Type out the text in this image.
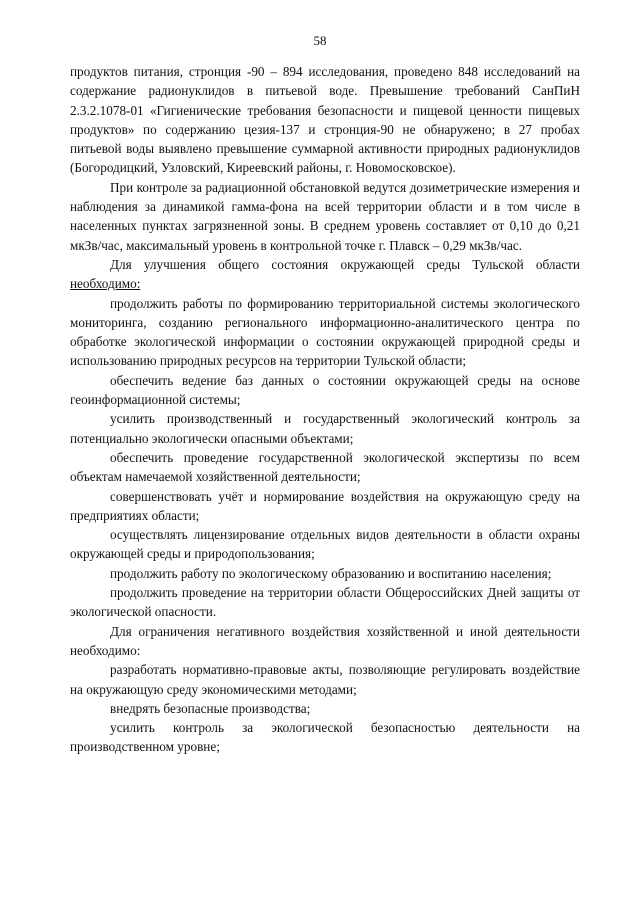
58

продуктов питания, стронция -90 – 894 исследования, проведено 848 исследований на содержание радионуклидов в питьевой воде. Превышение требований СанПиН 2.3.2.1078-01 «Гигиенические требования безопасности и пищевой ценности пищевых продуктов» по содержанию цезия-137 и стронция-90 не обнаружено; в 27 пробах питьевой воды выявлено превышение суммарной активности природных радионуклидов (Богородицкий, Узловский, Киреевский районы, г. Новомосковское).

При контроле за радиационной обстановкой ведутся дозиметрические измерения и наблюдения за динамикой гамма-фона на всей территории области и в том числе в населенных пунктах загрязненной зоны. В среднем уровень составляет от 0,10 до 0,21 мкЗв/час, максимальный уровень в контрольной точке г. Плавск – 0,29 мкЗв/час.

Для улучшения общего состояния окружающей среды Тульской области необходимо:

продолжить работы по формированию территориальной системы экологического мониторинга, созданию регионального информационно-аналитического центра по обработке экологической информации о состоянии окружающей природной среды и использованию природных ресурсов на территории Тульской области;

обеспечить ведение баз данных о состоянии окружающей среды на основе геоинформационной системы;

усилить производственный и государственный экологический контроль за потенциально экологически опасными объектами;

обеспечить проведение государственной экологической экспертизы по всем объектам намечаемой хозяйственной деятельности;

совершенствовать учёт и нормирование воздействия на окружающую среду на предприятиях области;

осуществлять лицензирование отдельных видов деятельности в области охраны окружающей среды и природопользования;

продолжить работу по экологическому образованию и воспитанию населения;

продолжить проведение на территории области Общероссийских Дней защиты от экологической опасности.

Для ограничения негативного воздействия хозяйственной и иной деятельности необходимо:

разработать нормативно-правовые акты, позволяющие регулировать воздействие на окружающую среду экономическими методами;

внедрять безопасные производства;

усилить контроль за экологической безопасностью деятельности на производственном уровне;
